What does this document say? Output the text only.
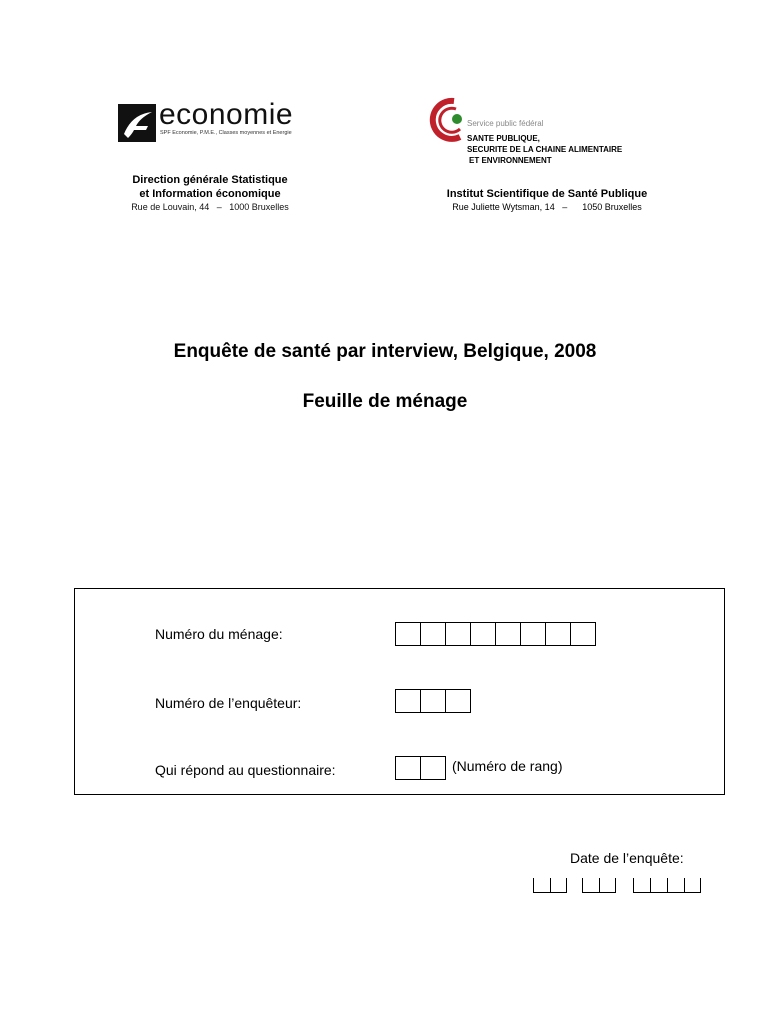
economie
SPF Economie, P.M.E., Classes moyennes et Energie
Direction générale Statistique
et Information économique
Rue de Louvain, 44   –   1000 Bruxelles
Service public fédéral
SANTE PUBLIQUE,
SECURITE DE LA CHAINE ALIMENTAIRE
ET ENVIRONNEMENT
Institut Scientifique de Santé Publique
Rue Juliette Wytsman, 14   –      1050 Bruxelles
Enquête de santé par interview, Belgique, 2008
Feuille de ménage
Numéro du ménage:
Numéro de l’enquêteur:
Qui répond au questionnaire:	(Numéro de rang)
Date de l’enquête:
